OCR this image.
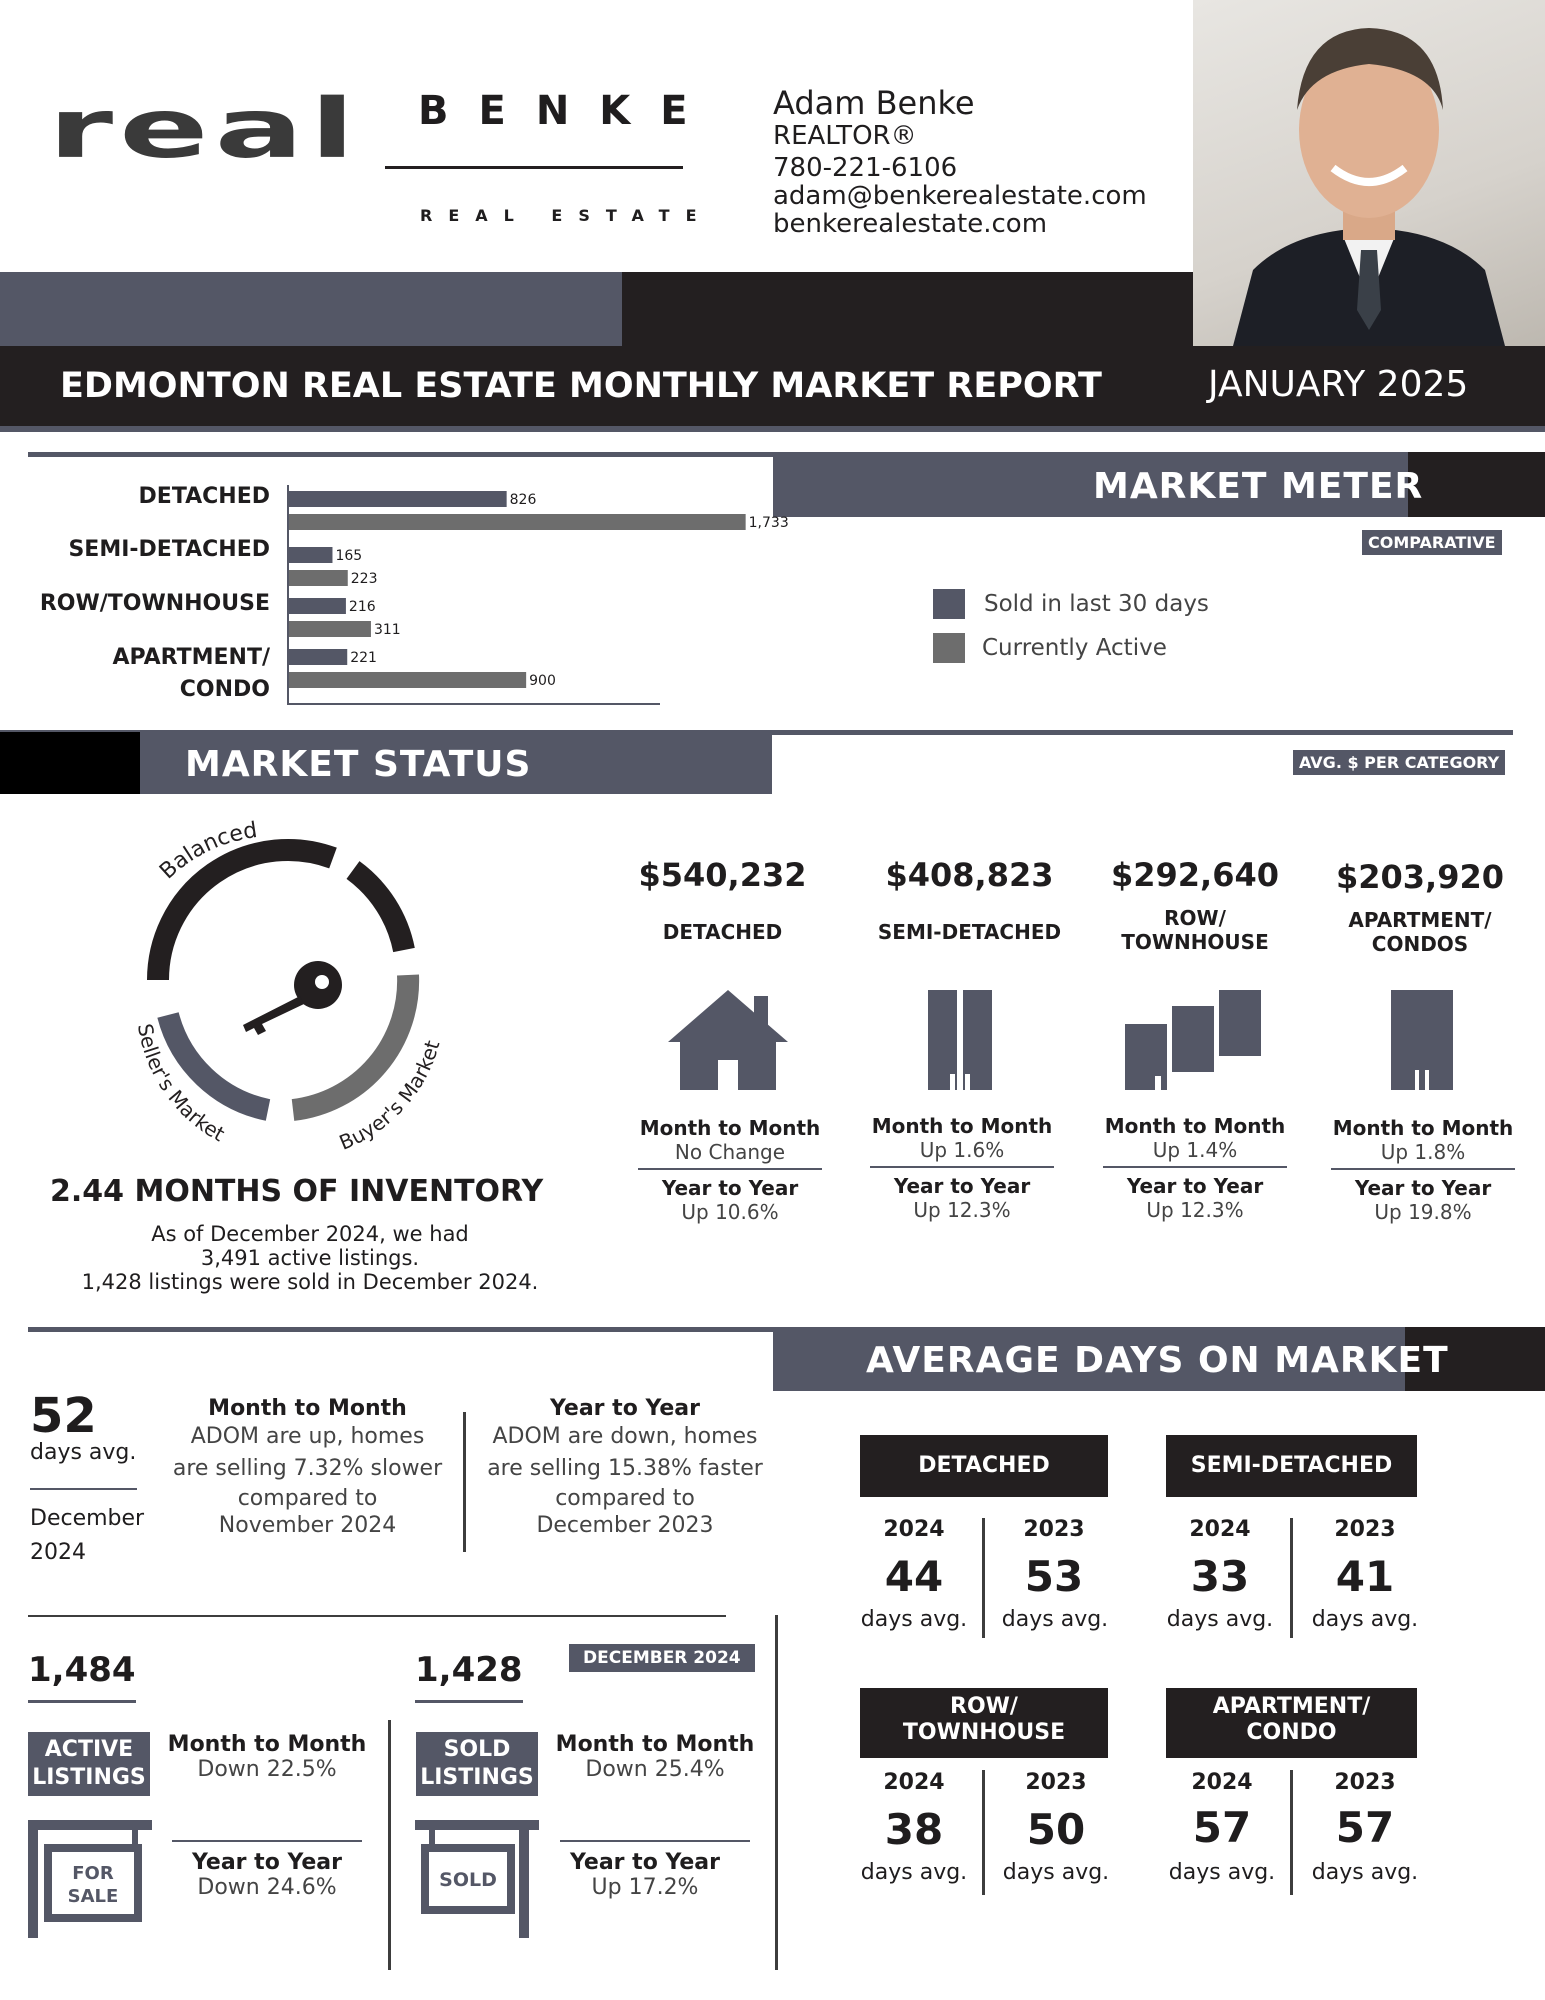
real BENKE
REAL ESTATE
Adam Benke
REALTOR®
780-221-6106
adam@benkerealestate.com
benkerealestate.com
EDMONTON REAL ESTATE MONTHLY MARKET REPORT	JANUARY 2025
MARKET METER
COMPARATIVE
DETACHED
SEMI-DETACHED
ROW/TOWNHOUSE
APARTMENT/
CONDO
826
1,733
165
223
216
311
221
900
Sold in last 30 days
Currently Active
MARKET STATUS	AVG. $ PER CATEGORY
Balanced
Seller's Market	Buyer's Market
2.44 MONTHS OF INVENTORY
As of December 2024, we had
3,491 active listings.
1,428 listings were sold in December 2024.
$540,232
DETACHED
$408,823
SEMI-DETACHED
$292,640
ROW/
TOWNHOUSE
$203,920
APARTMENT/
CONDOS
Month to Month
No Change
Year to Year
Up 10.6%
Month to Month
Up 1.6%
Year to Year
Up 12.3%
Month to Month
Up 1.4%
Year to Year
Up 12.3%
Month to Month
Up 1.8%
Year to Year
Up 19.8%
AVERAGE DAYS ON MARKET
52
days avg.
December
2024
Month to Month
ADOM are up, homes
are selling 7.32% slower
compared to
November 2024
Year to Year
ADOM are down, homes
are selling 15.38% faster
compared to
December 2023
DETACHED
2024	2023
44	53
days avg.	days avg.
SEMI-DETACHED
2024	2023
33	41
days avg.	days avg.
ROW/
TOWNHOUSE
2024	2023
38	50
days avg.	days avg.
APARTMENT/
CONDO
2024	2023
57	57
days avg.	days avg.
DECEMBER 2024
1,484
ACTIVE
LISTINGS
FOR
SALE
Month to Month
Down 22.5%
Year to Year
Down 24.6%
1,428
SOLD
LISTINGS
SOLD
Month to Month
Down 25.4%
Year to Year
Up 17.2%
